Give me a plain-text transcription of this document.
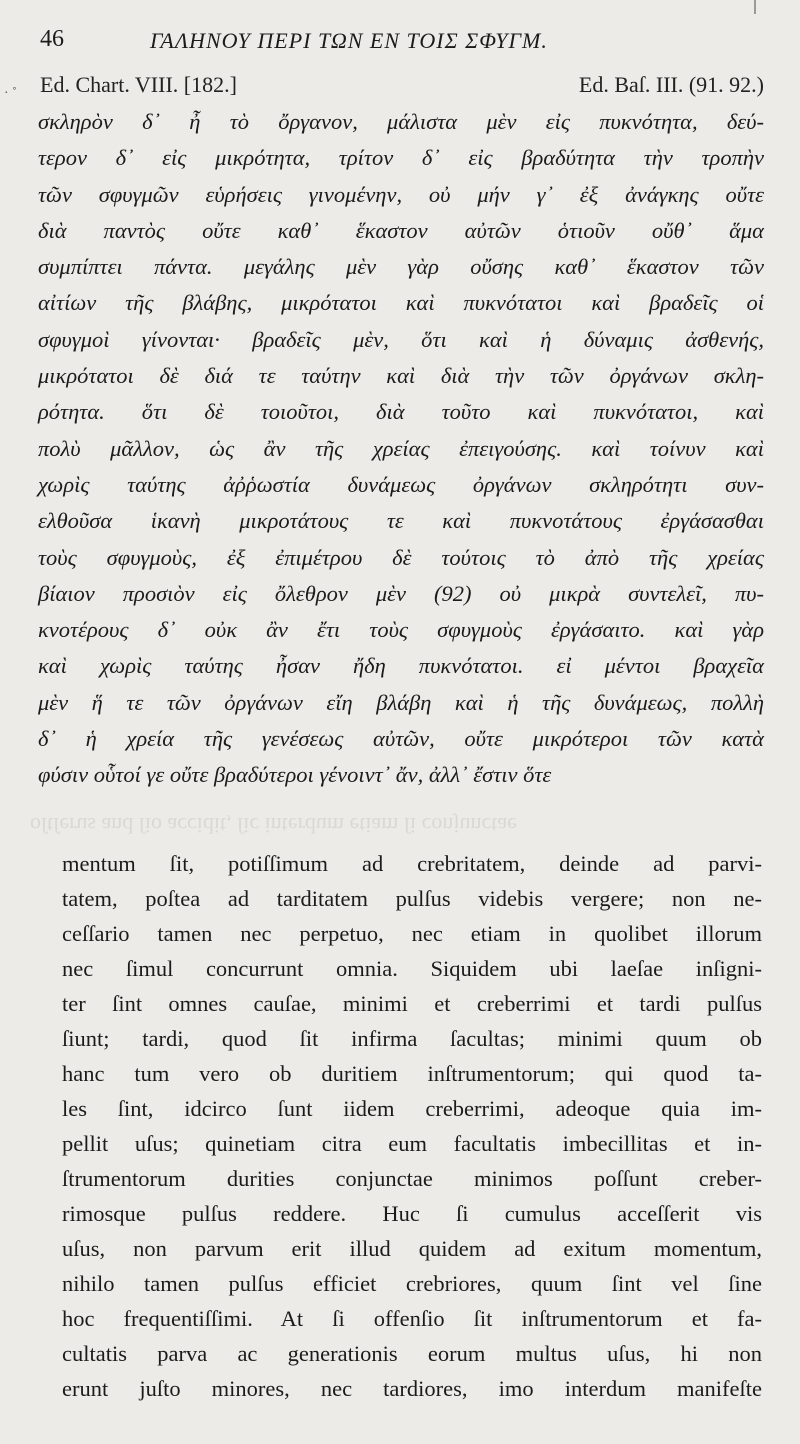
· ˚
46	ΓΑΛΗΝΟΥ ΠΕΡΙ ΤΩΝ ΕΝ ΤΟΙΣ ΣΦΥΓΜ.
Ed. Chart. VIII. [182.]	Ed. Baſ. III. (91. 92.)
σκληρὸν δ᾽ ἦ τὸ ὄργανον, μάλιστα μὲν εἰς πυκνότητα, δεύ-
τερον δ᾽ εἰς μικρότητα, τρίτον δ᾽ εἰς βραδύτητα τὴν τροπὴν
τῶν σφυγμῶν εὑρήσεις γινομένην, οὐ μήν γ᾽ ἐξ ἀνάγκης οὔτε
διὰ παντὸς οὔτε καθ᾽ ἕκαστον αὐτῶν ὁτιοῦν οὔθ᾽ ἅμα
συμπίπτει πάντα. μεγάλης μὲν γὰρ οὔσης καθ᾽ ἕκαστον τῶν
αἰτίων τῆς βλάβης, μικρότατοι καὶ πυκνότατοι καὶ βραδεῖς οἱ
σφυγμοὶ γίνονται· βραδεῖς μὲν, ὅτι καὶ ἡ δύναμις ἀσθενής,
μικρότατοι δὲ διά τε ταύτην καὶ διὰ τὴν τῶν ὀργάνων σκλη-
ρότητα. ὅτι δὲ τοιοῦτοι, διὰ τοῦτο καὶ πυκνότατοι, καὶ
πολὺ μᾶλλον, ὡς ἂν τῆς χρείας ἐπειγούσης. καὶ τοίνυν καὶ
χωρὶς ταύτης ἀῤῥωστία δυνάμεως ὀργάνων σκληρότητι συν-
ελθοῦσα ἱκανὴ μικροτάτους τε καὶ πυκνοτάτους ἐργάσασθαι
τοὺς σφυγμοὺς, ἐξ ἐπιμέτρου δὲ τούτοις τὸ ἀπὸ τῆς χρείας
βίαιον προσιὸν εἰς ὄλεθρον μὲν (92) οὐ μικρὰ συντελεῖ, πυ-
κνοτέρους δ᾽ οὐκ ἂν ἔτι τοὺς σφυγμοὺς ἐργάσαιτο. καὶ γὰρ
καὶ χωρὶς ταύτης ἦσαν ἤδη πυκνότατοι. εἰ μέντοι βραχεῖα
μὲν ἥ τε τῶν ὀργάνων εἴη βλάβη καὶ ἡ τῆς δυνάμεως, πολλὴ
δ᾽ ἡ χρεία τῆς γενέσεως αὐτῶν, οὔτε μικρότεροι τῶν κατὰ
φύσιν οὗτοί γε οὔτε βραδύτεροι γένοιντ᾽ ἄν, ἀλλ᾽ ἔστιν ὅτε
oſtſerus and ſio accidit, ſic interdum etiam ſi conjunctae
mentum ſit, potiſſimum ad crebritatem, deinde ad parvi-
tatem, poſtea ad tarditatem pulſus videbis vergere; non ne-
ceſſario tamen nec perpetuo, nec etiam in quolibet illorum
nec ſimul concurrunt omnia. Siquidem ubi laeſae inſigni-
ter ſint omnes cauſae, minimi et creberrimi et tardi pulſus
ſiunt; tardi, quod ſit infirma ſacultas; minimi quum ob
hanc tum vero ob duritiem inſtrumentorum; qui quod ta-
les ſint, idcirco ſunt iidem creberrimi, adeoque quia im-
pellit uſus; quinetiam citra eum facultatis imbecillitas et in-
ſtrumentorum durities conjunctae minimos poſſunt creber-
rimosque pulſus reddere. Huc ſi cumulus acceſſerit vis
uſus, non parvum erit illud quidem ad exitum momentum,
nihilo tamen pulſus efficiet crebriores, quum ſint vel ſine
hoc frequentiſſimi. At ſi offenſio ſit inſtrumentorum et fa-
cultatis parva ac generationis eorum multus uſus, hi non
erunt juſto minores, nec tardiores, imo interdum manifeſte
